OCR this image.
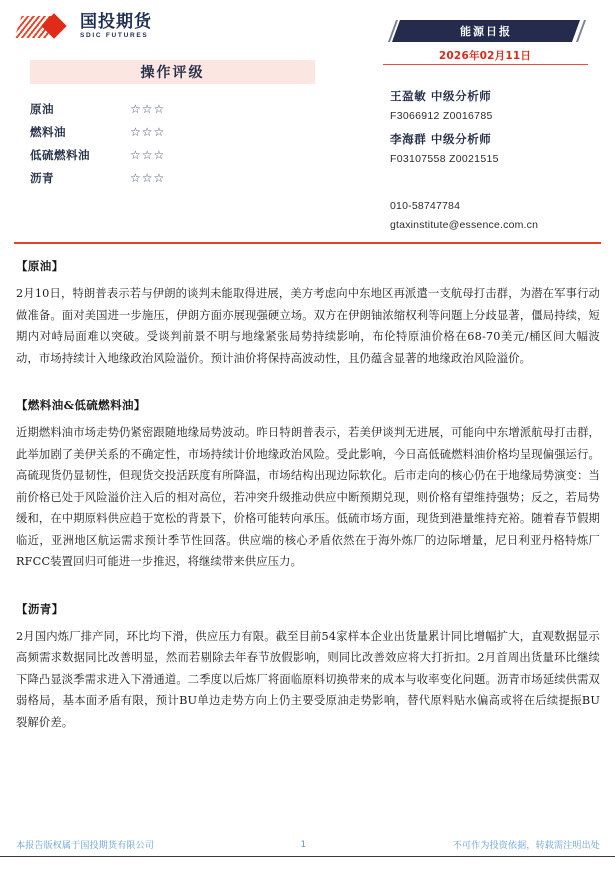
国投期货
SDIC FUTURES	能源日报
2026年02月11日
操作评级
原油	☆☆☆
燃料油	☆☆☆
低硫燃料油	☆☆☆
沥青	☆☆☆
王盈敏 中级分析师
F3066912 Z0016785
李海群 中级分析师
F03107558 Z0021515
010-58747784
gtaxinstitute@essence.com.cn
【原油】

2月10日，特朗普表示若与伊朗的谈判未能取得进展，美方考虑向中东地区再派遣一支航母打击群，为潜在军事行动做准备。面对美国进一步施压，伊朗方面亦展现强硬立场。双方在伊朗铀浓缩权利等问题上分歧显著，僵局持续，短期内对峙局面难以突破。受谈判前景不明与地缘紧张局势持续影响，布伦特原油价格在68-70美元/桶区间大幅波动，市场持续计入地缘政治风险溢价。预计油价将保持高波动性，且仍蕴含显著的地缘政治风险溢价。

【燃料油&低硫燃料油】

近期燃料油市场走势仍紧密跟随地缘局势波动。昨日特朗普表示，若美伊谈判无进展，可能向中东增派航母打击群，此举加剧了美伊关系的不确定性，市场持续计价地缘政治风险。受此影响，今日高低硫燃料油价格均呈现偏强运行。高硫现货仍显韧性，但现货交投活跃度有所降温，市场结构出现边际软化。后市走向的核心仍在于地缘局势演变：当前价格已处于风险溢价注入后的相对高位，若冲突升级推动供应中断预期兑现，则价格有望维持强势；反之，若局势缓和，在中期原料供应趋于宽松的背景下，价格可能转向承压。低硫市场方面，现货到港量维持充裕。随着春节假期临近，亚洲地区航运需求预计季节性回落。供应端的核心矛盾依然在于海外炼厂的边际增量，尼日利亚丹格特炼厂RFCC装置回归可能进一步推迟，将继续带来供应压力。

【沥青】

2月国内炼厂排产同，环比均下滑，供应压力有限。截至目前54家样本企业出货量累计同比增幅扩大，直观数据显示高频需求数据同比改善明显，然而若剔除去年春节放假影响，则同比改善效应将大打折扣。2月首周出货量环比继续下降凸显淡季需求进入下滑通道。二季度以后炼厂将面临原料切换带来的成本与收率变化问题。沥青市场延续供需双弱格局，基本面矛盾有限，预计BU单边走势方向上仍主要受原油走势影响，替代原料贴水偏高或将在后续提振BU裂解价差。

本报告版权属于国投期货有限公司	1	不可作为投资依据，转载需注明出处
